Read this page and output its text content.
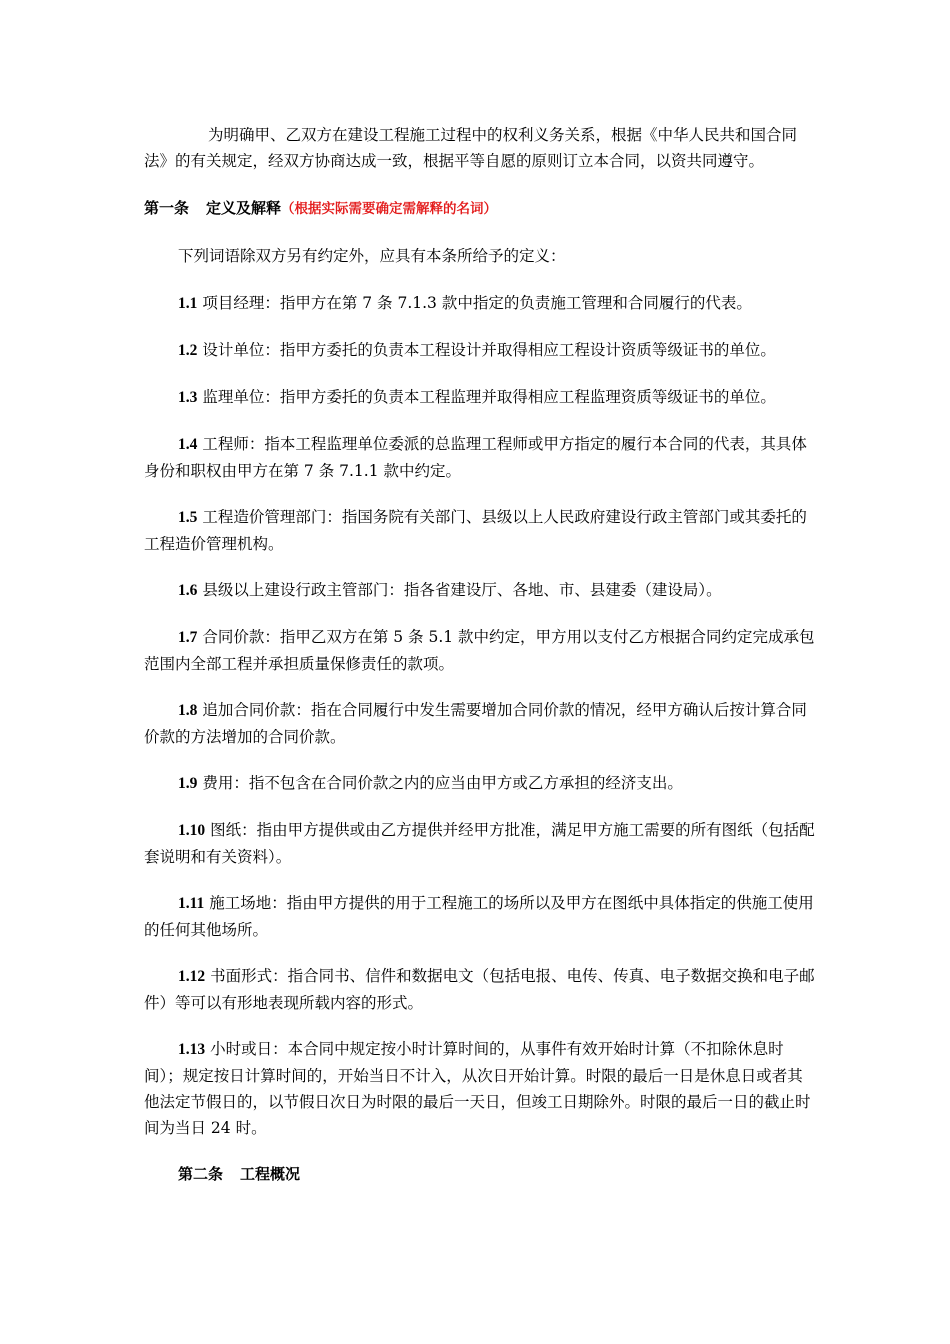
为明确甲、乙双方在建设工程施工过程中的权利义务关系，根据《中华人民共和国合同法》的有关规定，经双方协商达成一致，根据平等自愿的原则订立本合同，以资共同遵守。

第一条 定义及解释（根据实际需要确定需解释的名词）

下列词语除双方另有约定外，应具有本条所给予的定义：

1.1 项目经理：指甲方在第 7 条 7.1.3 款中指定的负责施工管理和合同履行的代表。

1.2 设计单位：指甲方委托的负责本工程设计并取得相应工程设计资质等级证书的单位。

1.3 监理单位：指甲方委托的负责本工程监理并取得相应工程监理资质等级证书的单位。

1.4 工程师：指本工程监理单位委派的总监理工程师或甲方指定的履行本合同的代表，其具体身份和职权由甲方在第 7 条 7.1.1 款中约定。

1.5 工程造价管理部门：指国务院有关部门、县级以上人民政府建设行政主管部门或其委托的工程造价管理机构。

1.6 县级以上建设行政主管部门：指各省建设厅、各地、市、县建委（建设局）。

1.7 合同价款：指甲乙双方在第 5 条 5.1 款中约定，甲方用以支付乙方根据合同约定完成承包范围内全部工程并承担质量保修责任的款项。

1.8 追加合同价款：指在合同履行中发生需要增加合同价款的情况，经甲方确认后按计算合同价款的方法增加的合同价款。

1.9 费用：指不包含在合同价款之内的应当由甲方或乙方承担的经济支出。

1.10 图纸：指由甲方提供或由乙方提供并经甲方批准，满足甲方施工需要的所有图纸（包括配套说明和有关资料）。

1.11 施工场地：指由甲方提供的用于工程施工的场所以及甲方在图纸中具体指定的供施工使用的任何其他场所。

1.12 书面形式：指合同书、信件和数据电文（包括电报、电传、传真、电子数据交换和电子邮件）等可以有形地表现所载内容的形式。

1.13 小时或日：本合同中规定按小时计算时间的，从事件有效开始时计算（不扣除休息时间）；规定按日计算时间的，开始当日不计入，从次日开始计算。时限的最后一日是休息日或者其他法定节假日的，以节假日次日为时限的最后一天日，但竣工日期除外。时限的最后一日的截止时间为当日 24 时。

第二条 工程概况
